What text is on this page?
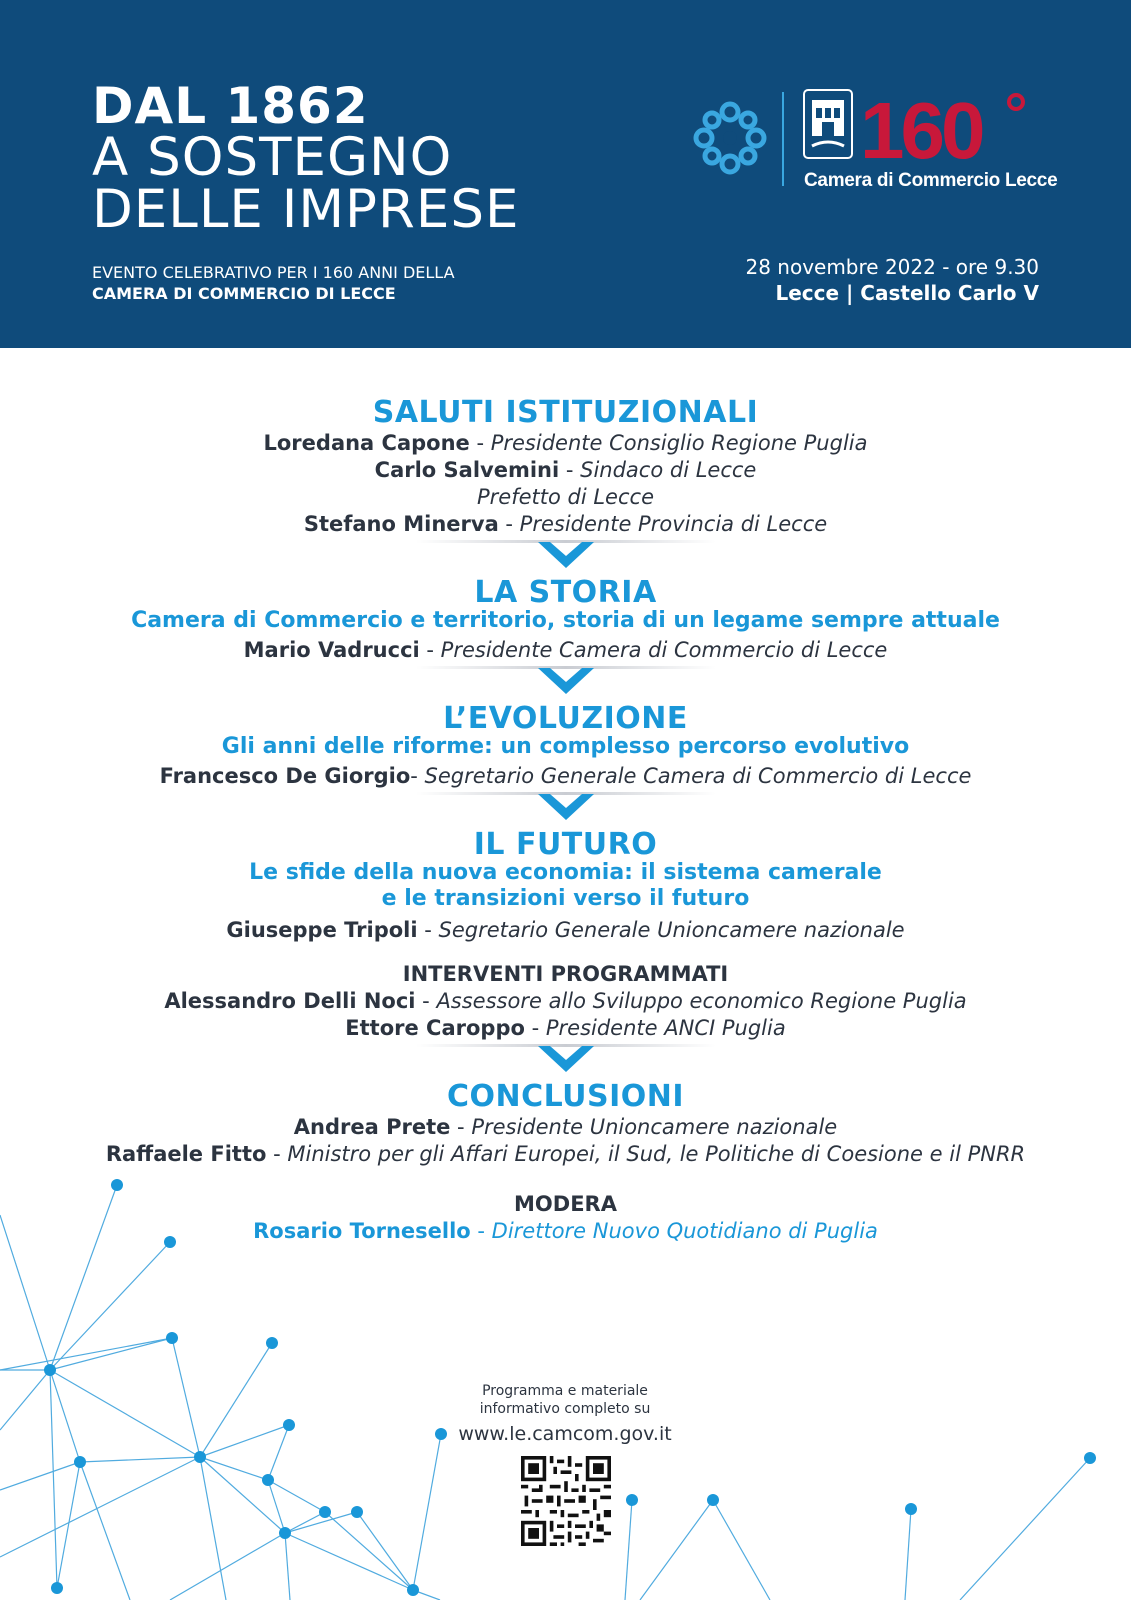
DAL 1862
A SOSTEGNO
DELLE IMPRESE
EVENTO CELEBRATIVO PER I 160 ANNI DELLA
CAMERA DI COMMERCIO DI LECCE
28 novembre 2022 - ore 9.30
Lecce | Castello Carlo V
160
Camera di Commercio Lecce
SALUTI ISTITUZIONALI
Loredana Capone - Presidente Consiglio Regione Puglia
Carlo Salvemini - Sindaco di Lecce
Prefetto di Lecce
Stefano Minerva - Presidente Provincia di Lecce
LA STORIA
Camera di Commercio e territorio, storia di un legame sempre attuale
Mario Vadrucci - Presidente Camera di Commercio di Lecce
L’EVOLUZIONE
Gli anni delle riforme: un complesso percorso evolutivo
Francesco De Giorgio- Segretario Generale Camera di Commercio di Lecce
IL FUTURO
Le sfide della nuova economia: il sistema camerale
e le transizioni verso il futuro
Giuseppe Tripoli - Segretario Generale Unioncamere nazionale
INTERVENTI PROGRAMMATI
Alessandro Delli Noci - Assessore allo Sviluppo economico Regione Puglia
Ettore Caroppo - Presidente ANCI Puglia
CONCLUSIONI
Andrea Prete - Presidente Unioncamere nazionale
Raffaele Fitto - Ministro per gli Affari Europei, il Sud, le Politiche di Coesione e il PNRR
MODERA
Rosario Tornesello - Direttore Nuovo Quotidiano di Puglia
Programma e materiale
informativo completo su
www.le.camcom.gov.it
